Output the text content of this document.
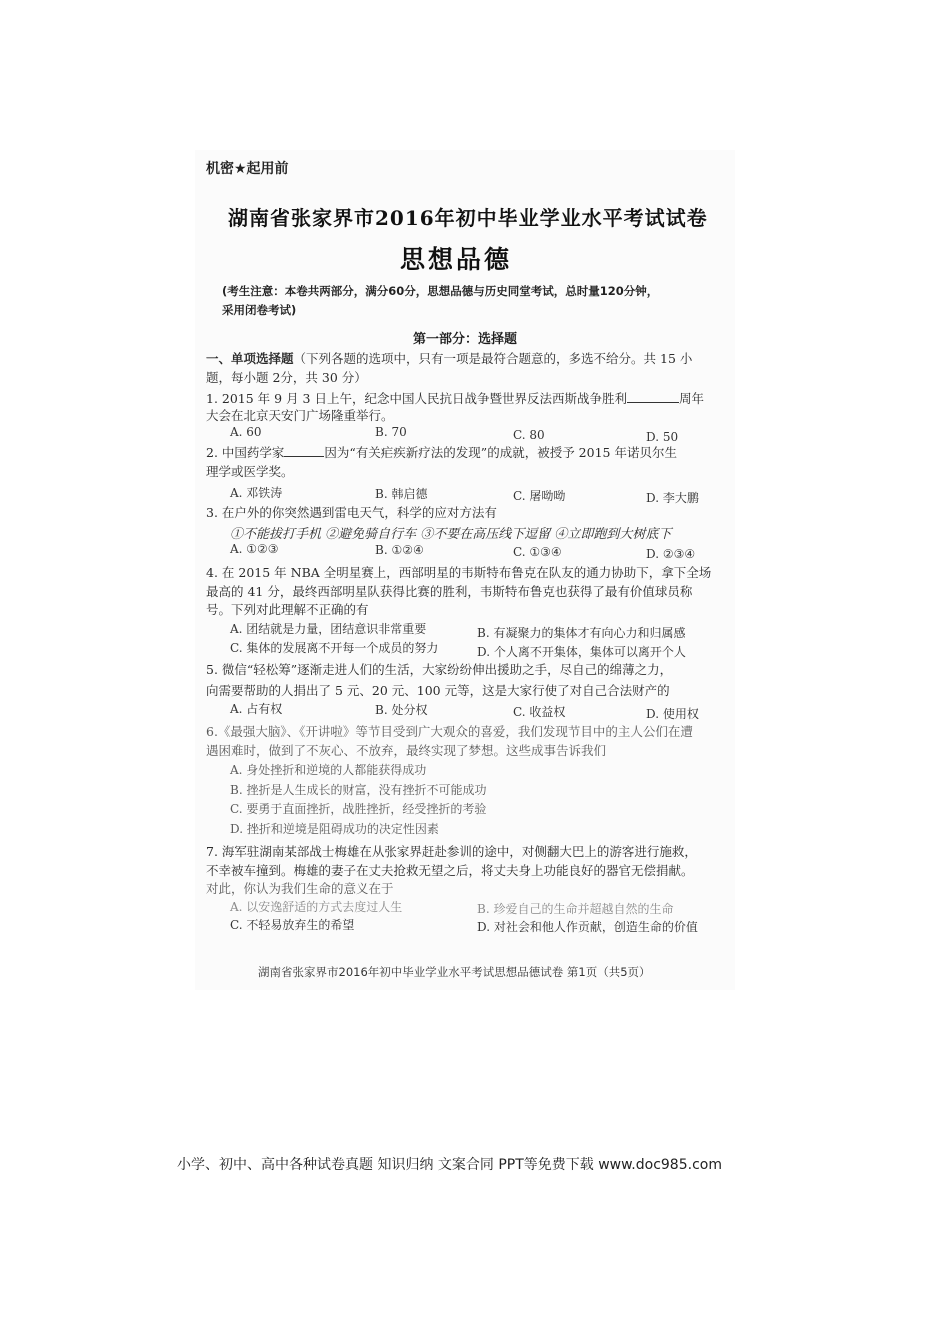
机密★起用前
湖南省张家界市2016年初中毕业学业水平考试试卷
思想品德
(考生注意：本卷共两部分，满分60分，思想品德与历史同堂考试，总时量120分钟，
采用闭卷考试)
第一部分：选择题
一、单项选择题（下列各题的选项中，只有一项是最符合题意的，多选不给分。共 15 小
题，每小题 2分，共 30 分）
1. 2015 年 9 月 3 日上午，纪念中国人民抗日战争暨世界反法西斯战争胜利	周年
大会在北京天安门广场隆重举行。
A. 60	B. 70	C. 80	D. 50
2. 中国药学家	因为“有关疟疾新疗法的发现”的成就，被授予 2015 年诺贝尔生
理学或医学奖。
A. 邓铁涛	B. 韩启德	C. 屠呦呦	D. 李大鹏
3. 在户外的你突然遇到雷电天气，科学的应对方法有
①不能拔打手机 ②避免骑自行车 ③不要在高压线下逗留 ④立即跑到大树底下
A. ①②③	B. ①②④	C. ①③④	D. ②③④
4. 在 2015 年 NBA 全明星赛上，西部明星的韦斯特布鲁克在队友的通力协助下，拿下全场
最高的 41 分，最终西部明星队获得比赛的胜利，韦斯特布鲁克也获得了最有价值球员称
号。下列对此理解不正确的有
A. 团结就是力量，团结意识非常重要	B. 有凝聚力的集体才有向心力和归属感
C. 集体的发展离不开每一个成员的努力	D. 个人离不开集体，集体可以离开个人
5. 微信“轻松筹”逐渐走进人们的生活，大家纷纷伸出援助之手，尽自己的绵薄之力，
向需要帮助的人捐出了 5 元、20 元、100 元等，这是大家行使了对自己合法财产的
A. 占有权	B. 处分权	C. 收益权	D. 使用权
6.《最强大脑》、《开讲啦》等节目受到广大观众的喜爱，我们发现节目中的主人公们在遭
遇困难时，做到了不灰心、不放弃，最终实现了梦想。这些成事告诉我们
A. 身处挫折和逆境的人都能获得成功
B. 挫折是人生成长的财富，没有挫折不可能成功
C. 要勇于直面挫折，战胜挫折，经受挫折的考验
D. 挫折和逆境是阻碍成功的决定性因素
7. 海军驻湖南某部战士梅雄在从张家界赶赴参训的途中，对侧翻大巴上的游客进行施救，
不幸被车撞到。梅雄的妻子在丈夫抢救无望之后，将丈夫身上功能良好的器官无偿捐献。
对此，你认为我们生命的意义在于
A. 以安逸舒适的方式去度过人生	B. 珍爱自己的生命并超越自然的生命
C. 不轻易放弃生的希望	D. 对社会和他人作贡献，创造生命的价值
湖南省张家界市2016年初中毕业学业水平考试思想品德试卷 第1页（共5页）
小学、初中、高中各种试卷真题 知识归纳 文案合同 PPT等免费下载 www.doc985.com
